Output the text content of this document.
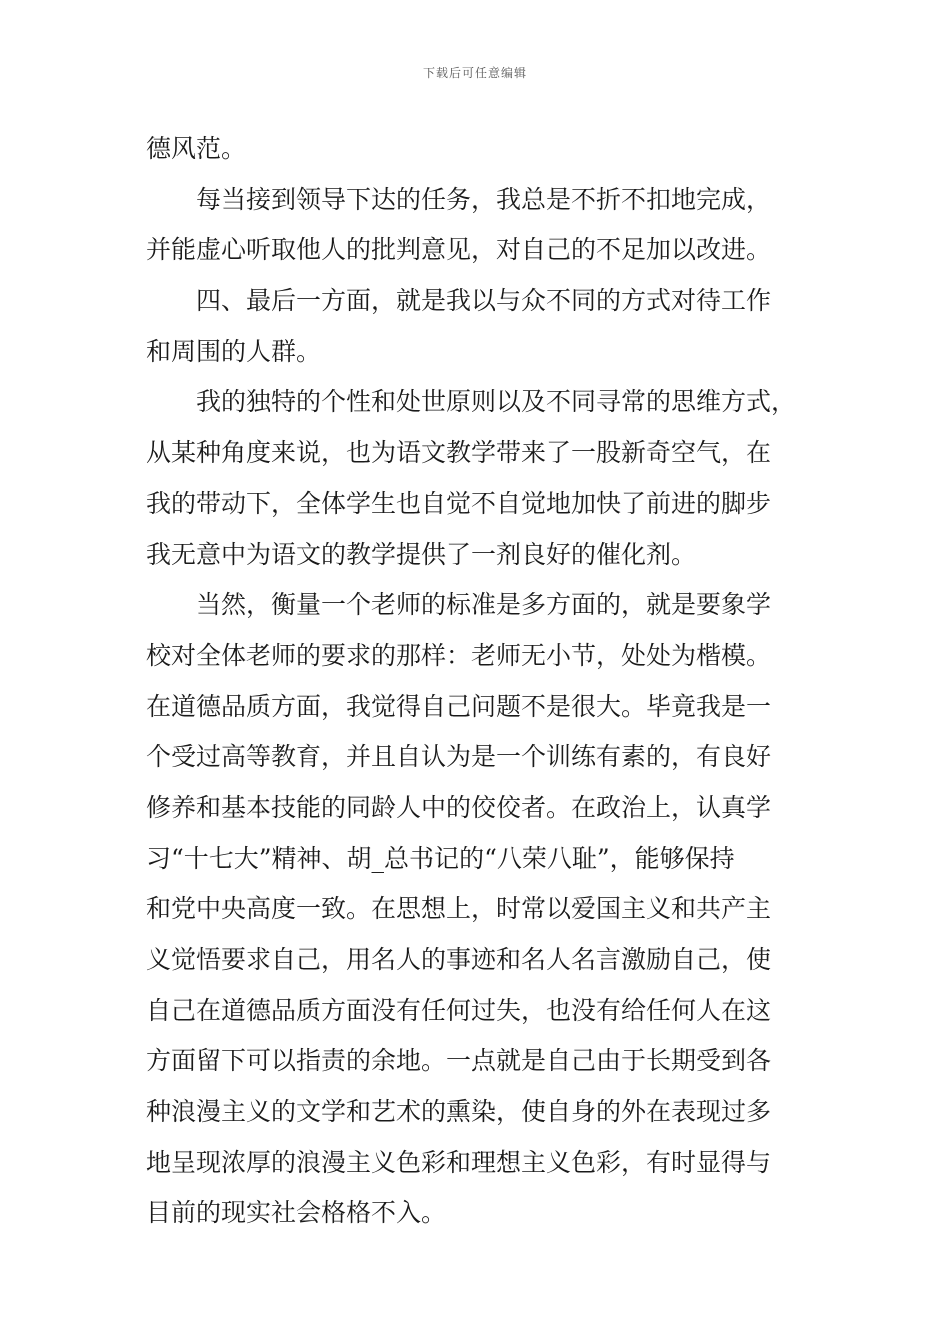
下载后可任意编辑
德风范。
每当接到领导下达的任务，我总是不折不扣地完成，
并能虚心听取他人的批判意见，对自己的不足加以改进。
四、最后一方面，就是我以与众不同的方式对待工作
和周围的人群。
我的独特的个性和处世原则以及不同寻常的思维方式，
从某种角度来说，也为语文教学带来了一股新奇空气，在
我的带动下，全体学生也自觉不自觉地加快了前进的脚步
我无意中为语文的教学提供了一剂良好的催化剂。
当然，衡量一个老师的标准是多方面的，就是要象学
校对全体老师的要求的那样：老师无小节，处处为楷模。
在道德品质方面，我觉得自己问题不是很大。毕竟我是一
个受过高等教育，并且自认为是一个训练有素的，有良好
修养和基本技能的同龄人中的佼佼者。在政治上，认真学
习“十七大”精神、胡_总书记的“八荣八耻”，能够保持
和党中央高度一致。在思想上，时常以爱国主义和共产主
义觉悟要求自己，用名人的事迹和名人名言激励自己，使
自己在道德品质方面没有任何过失，也没有给任何人在这
方面留下可以指责的余地。一点就是自己由于长期受到各
种浪漫主义的文学和艺术的熏染，使自身的外在表现过多
地呈现浓厚的浪漫主义色彩和理想主义色彩，有时显得与
目前的现实社会格格不入。
